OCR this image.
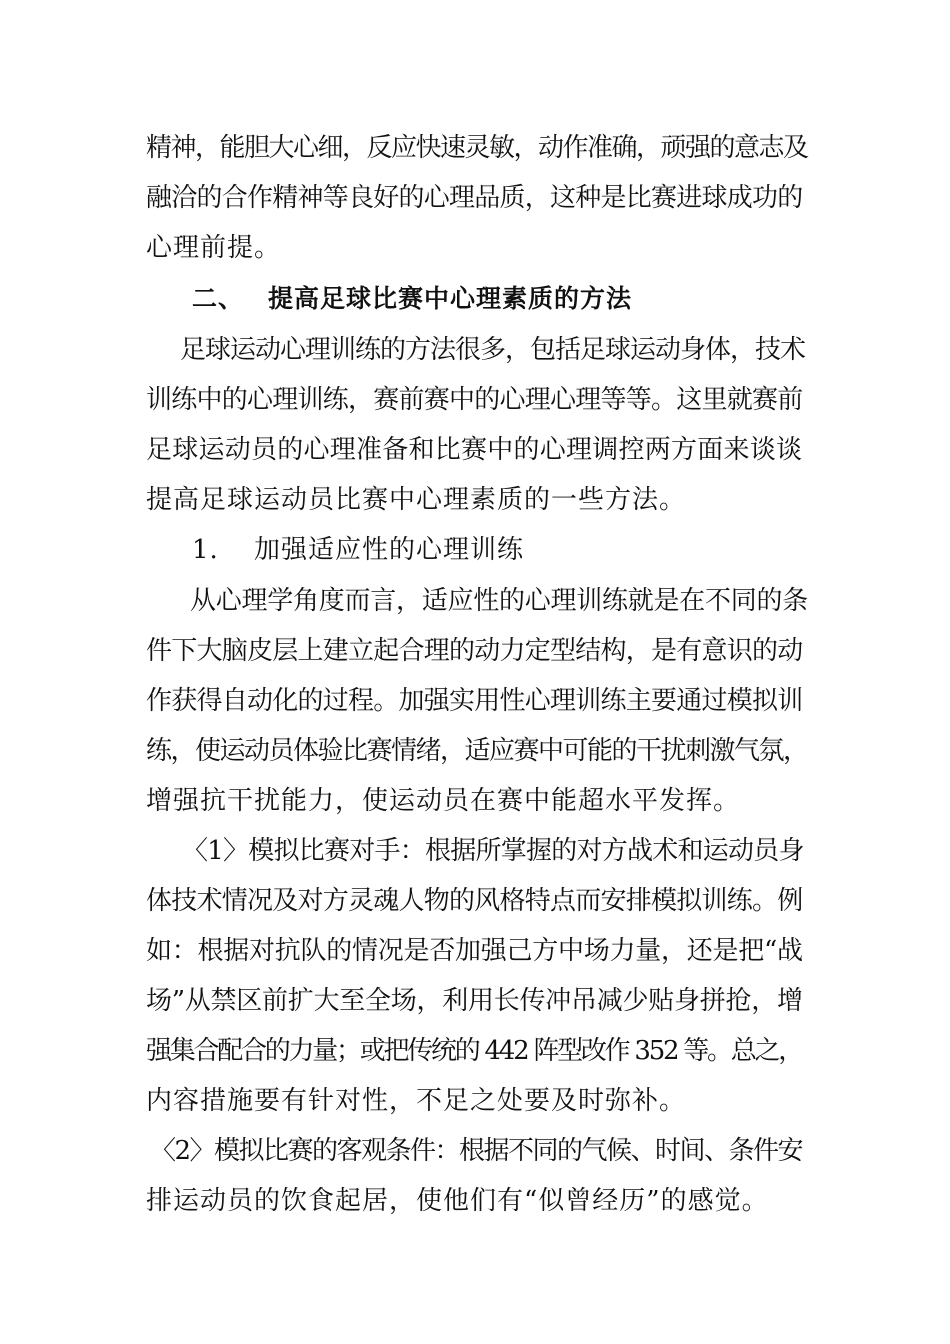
精神，能胆大心细，反应快速灵敏，动作准确，顽强的意志及
融洽的合作精神等良好的心理品质，这种是比赛进球成功的
心理前提。
二、 提高足球比赛中心理素质的方法
足球运动心理训练的方法很多，包括足球运动身体，技术
训练中的心理训练，赛前赛中的心理心理等等。这里就赛前
足球运动员的心理准备和比赛中的心理调控两方面来谈谈
提高足球运动员比赛中心理素质的一些方法。
1. 加强适应性的心理训练
从心理学角度而言，适应性的心理训练就是在不同的条
件下大脑皮层上建立起合理的动力定型结构，是有意识的动
作获得自动化的过程。加强实用性心理训练主要通过模拟训
练，使运动员体验比赛情绪，适应赛中可能的干扰刺激气氛，
增强抗干扰能力，使运动员在赛中能超水平发挥。
〈1〉模拟比赛对手：根据所掌握的对方战术和运动员身
体技术情况及对方灵魂人物的风格特点而安排模拟训练。例
如：根据对抗队的情况是否加强己方中场力量，还是把“战
场”从禁区前扩大至全场，利用长传冲吊减少贴身拼抢，增
强集合配合的力量；或把传统的 442 阵型改作 352 等。总之，
内容措施要有针对性，不足之处要及时弥补。
〈2〉模拟比赛的客观条件：根据不同的气候、时间、条件安
排运动员的饮食起居，使他们有“似曾经历”的感觉。
